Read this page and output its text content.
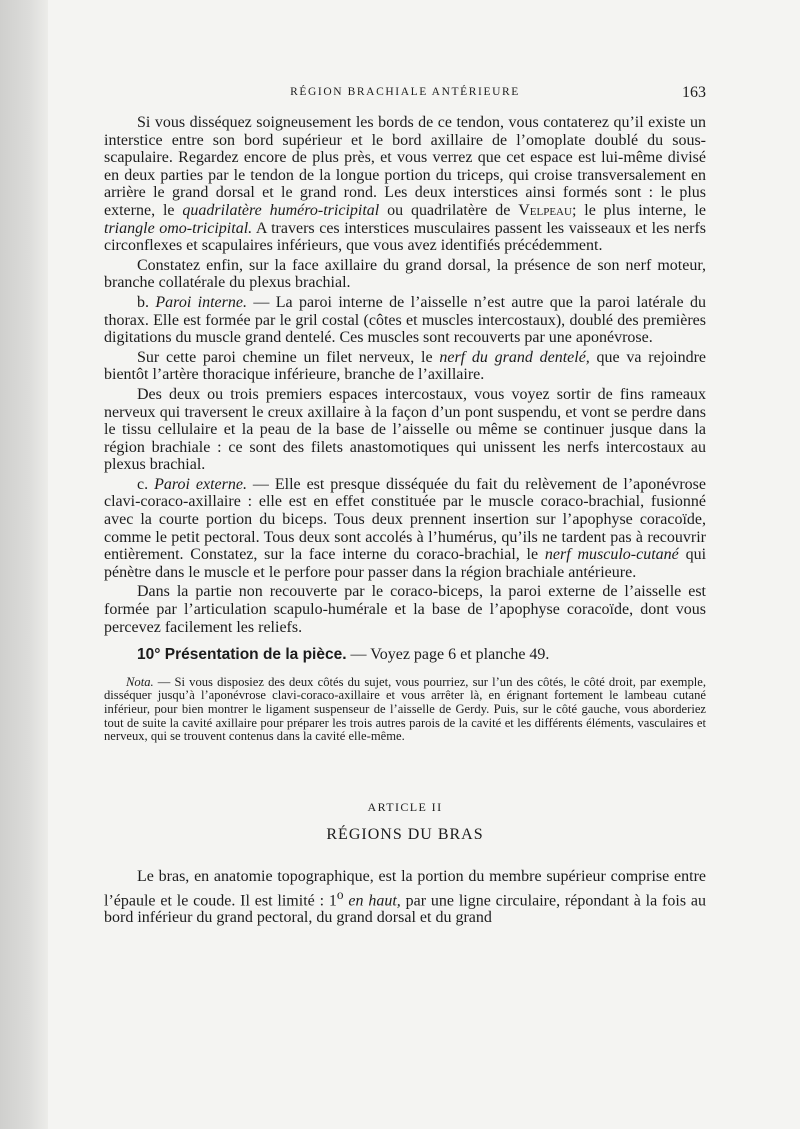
RÉGION BRACHIALE ANTÉRIEURE	163

Si vous disséquez soigneusement les bords de ce tendon, vous contaterez qu’il existe un interstice entre son bord supérieur et le bord axillaire de l’omoplate doublé du sous-scapulaire. Regardez encore de plus près, et vous verrez que cet espace est lui-même divisé en deux parties par le tendon de la longue portion du triceps, qui croise transversalement en arrière le grand dorsal et le grand rond. Les deux interstices ainsi formés sont : le plus externe, le quadrilatère huméro-tricipital ou quadrilatère de Velpeau; le plus interne, le triangle omo-tricipital. A travers ces interstices musculaires passent les vaisseaux et les nerfs circonflexes et scapulaires inférieurs, que vous avez identifiés précédemment.

Constatez enfin, sur la face axillaire du grand dorsal, la présence de son nerf moteur, branche collatérale du plexus brachial.

b. Paroi interne. — La paroi interne de l’aisselle n’est autre que la paroi latérale du thorax. Elle est formée par le gril costal (côtes et muscles intercostaux), doublé des premières digitations du muscle grand dentelé. Ces muscles sont recouverts par une aponévrose.

Sur cette paroi chemine un filet nerveux, le nerf du grand dentelé, que va rejoindre bientôt l’artère thoracique inférieure, branche de l’axillaire.

Des deux ou trois premiers espaces intercostaux, vous voyez sortir de fins rameaux nerveux qui traversent le creux axillaire à la façon d’un pont suspendu, et vont se perdre dans le tissu cellulaire et la peau de la base de l’aisselle ou même se continuer jusque dans la région brachiale : ce sont des filets anastomotiques qui unissent les nerfs intercostaux au plexus brachial.

c. Paroi externe. — Elle est presque disséquée du fait du relèvement de l’aponévrose clavi-coraco-axillaire : elle est en effet constituée par le muscle coraco-brachial, fusionné avec la courte portion du biceps. Tous deux prennent insertion sur l’apophyse coracoïde, comme le petit pectoral. Tous deux sont accolés à l’humérus, qu’ils ne tardent pas à recouvrir entièrement. Constatez, sur la face interne du coraco-brachial, le nerf musculo-cutané qui pénètre dans le muscle et le perfore pour passer dans la région brachiale antérieure.

Dans la partie non recouverte par le coraco-biceps, la paroi externe de l’aisselle est formée par l’articulation scapulo-humérale et la base de l’apophyse coracoïde, dont vous percevez facilement les reliefs.

10° Présentation de la pièce. — Voyez page 6 et planche 49.

Nota. — Si vous disposiez des deux côtés du sujet, vous pourriez, sur l’un des côtés, le côté droit, par exemple, disséquer jusqu’à l’aponévrose clavi-coraco-axillaire et vous arrêter là, en érignant fortement le lambeau cutané inférieur, pour bien montrer le ligament suspenseur de l’aisselle de Gerdy. Puis, sur le côté gauche, vous aborderiez tout de suite la cavité axillaire pour préparer les trois autres parois de la cavité et les différents éléments, vasculaires et nerveux, qui se trouvent contenus dans la cavité elle-même.

ARTICLE II

RÉGIONS DU BRAS

Le bras, en anatomie topographique, est la portion du membre supérieur comprise entre l’épaule et le coude. Il est limité : 1$^o$ en haut, par une ligne circulaire, répondant à la fois au bord inférieur du grand pectoral, du grand dorsal et du grand
